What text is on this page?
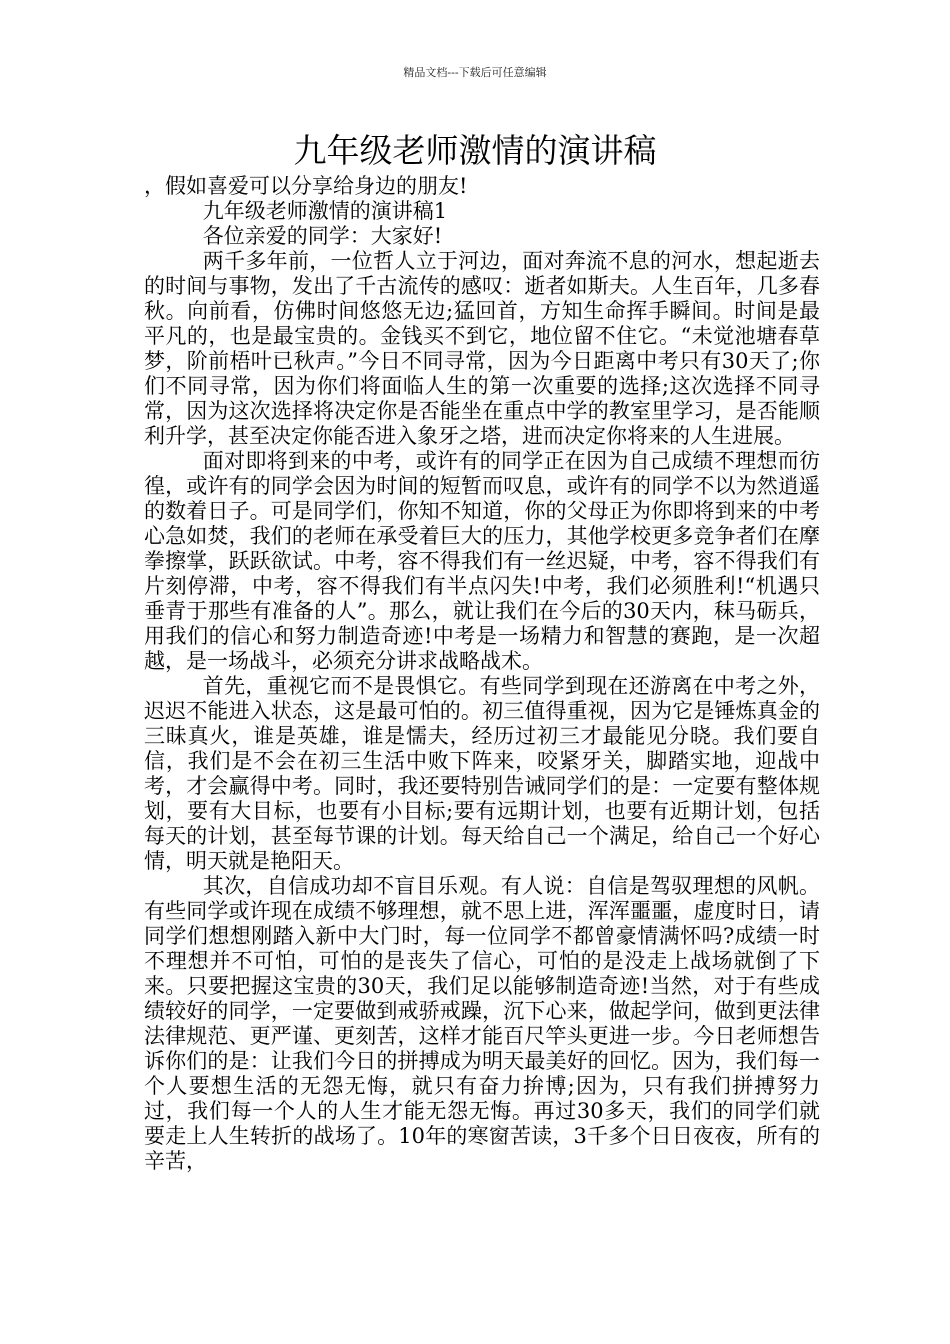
精品文档---下载后可任意编辑
九年级老师激情的演讲稿

，假如喜爱可以分享给身边的朋友!

九年级老师激情的演讲稿1

各位亲爱的同学：大家好!

两千多年前，一位哲人立于河边，面对奔流不息的河水，想起逝去的时间与事物，发出了千古流传的感叹：逝者如斯夫。人生百年，几多春秋。向前看，仿佛时间悠悠无边;猛回首，方知生命挥手瞬间。时间是最平凡的，也是最宝贵的。金钱买不到它，地位留不住它。“未觉池塘春草梦，阶前梧叶已秋声。”今日不同寻常，因为今日距离中考只有30天了;你们不同寻常，因为你们将面临人生的第一次重要的选择;这次选择不同寻常，因为这次选择将决定你是否能坐在重点中学的教室里学习，是否能顺利升学，甚至决定你能否进入象牙之塔，进而决定你将来的人生进展。

面对即将到来的中考，或许有的同学正在因为自己成绩不理想而彷徨，或许有的同学会因为时间的短暂而叹息，或许有的同学不以为然逍遥的数着日子。可是同学们，你知不知道，你的父母正为你即将到来的中考心急如焚，我们的老师在承受着巨大的压力，其他学校更多竞争者们在摩拳擦掌，跃跃欲试。中考，容不得我们有一丝迟疑，中考，容不得我们有片刻停滞，中考，容不得我们有半点闪失!中考，我们必须胜利!“机遇只垂青于那些有准备的人”。那么，就让我们在今后的30天内，秣马砺兵，用我们的信心和努力制造奇迹!中考是一场精力和智慧的赛跑，是一次超越，是一场战斗，必须充分讲求战略战术。

首先，重视它而不是畏惧它。有些同学到现在还游离在中考之外，迟迟不能进入状态，这是最可怕的。初三值得重视，因为它是锤炼真金的三昧真火，谁是英雄，谁是懦夫，经历过初三才最能见分晓。我们要自信，我们是不会在初三生活中败下阵来，咬紧牙关，脚踏实地，迎战中考，才会赢得中考。同时，我还要特别告诫同学们的是：一定要有整体规划，要有大目标，也要有小目标;要有远期计划，也要有近期计划，包括每天的计划，甚至每节课的计划。每天给自己一个满足，给自己一个好心情，明天就是艳阳天。

其次，自信成功却不盲目乐观。有人说：自信是驾驭理想的风帆。有些同学或许现在成绩不够理想，就不思上进，浑浑噩噩，虚度时日，请同学们想想刚踏入新中大门时，每一位同学不都曾豪情满怀吗?成绩一时不理想并不可怕，可怕的是丧失了信心，可怕的是没走上战场就倒了下来。只要把握这宝贵的30天，我们足以能够制造奇迹!当然，对于有些成绩较好的同学，一定要做到戒骄戒躁，沉下心来，做起学问，做到更法律法律规范、更严谨、更刻苦，这样才能百尺竿头更进一步。今日老师想告诉你们的是：让我们今日的拼搏成为明天最美好的回忆。因为，我们每一个人要想生活的无怨无悔，就只有奋力拚博;因为，只有我们拼搏努力过，我们每一个人的人生才能无怨无悔。再过30多天，我们的同学们就要走上人生转折的战场了。10年的寒窗苦读，3千多个日日夜夜，所有的辛苦，
